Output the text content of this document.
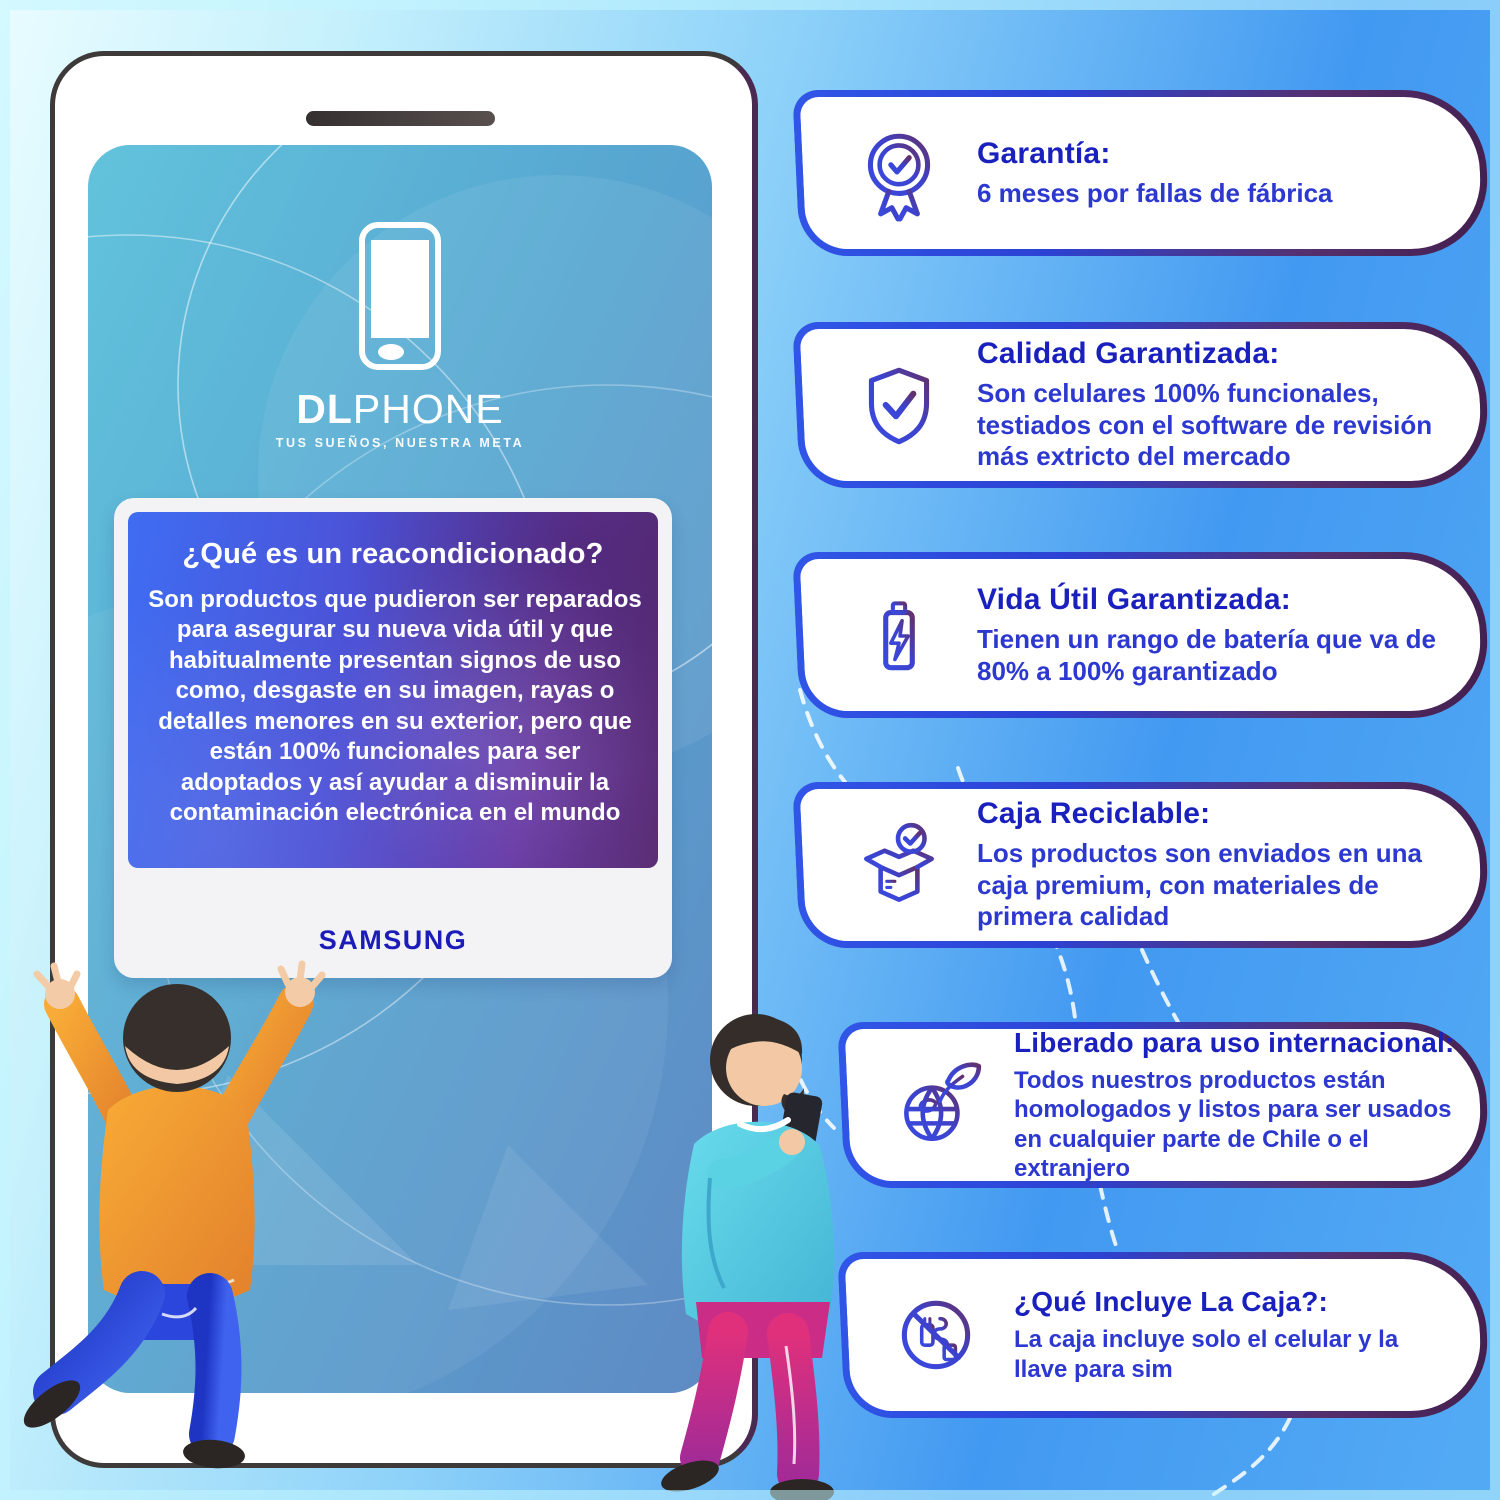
DLPHONE
TUS SUEÑOS, NUESTRA META
¿Qué es un reacondicionado?

Son productos que pudieron ser reparados para asegurar su nueva vida útil y que habitualmente presentan signos de uso como, desgaste en su imagen, rayas o detalles menores en su exterior, pero que están 100% funcionales para ser adoptados y así ayudar a disminuir la contaminación electrónica en el mundo

SAMSUNG
Garantía:
6 meses por fallas de fábrica
Calidad Garantizada:
Son celulares 100% funcionales, testiados con el software de revisión más extricto del mercado
Vida Útil Garantizada:
Tienen un rango de batería que va de 80% a 100% garantizado
Caja Reciclable:
Los productos son enviados en una caja premium, con materiales de primera calidad
Liberado para uso internacional:
Todos nuestros productos están homologados y listos para ser usados en cualquier parte de Chile o el extranjero
¿Qué Incluye La Caja?:
La caja incluye solo el celular y la llave para sim
